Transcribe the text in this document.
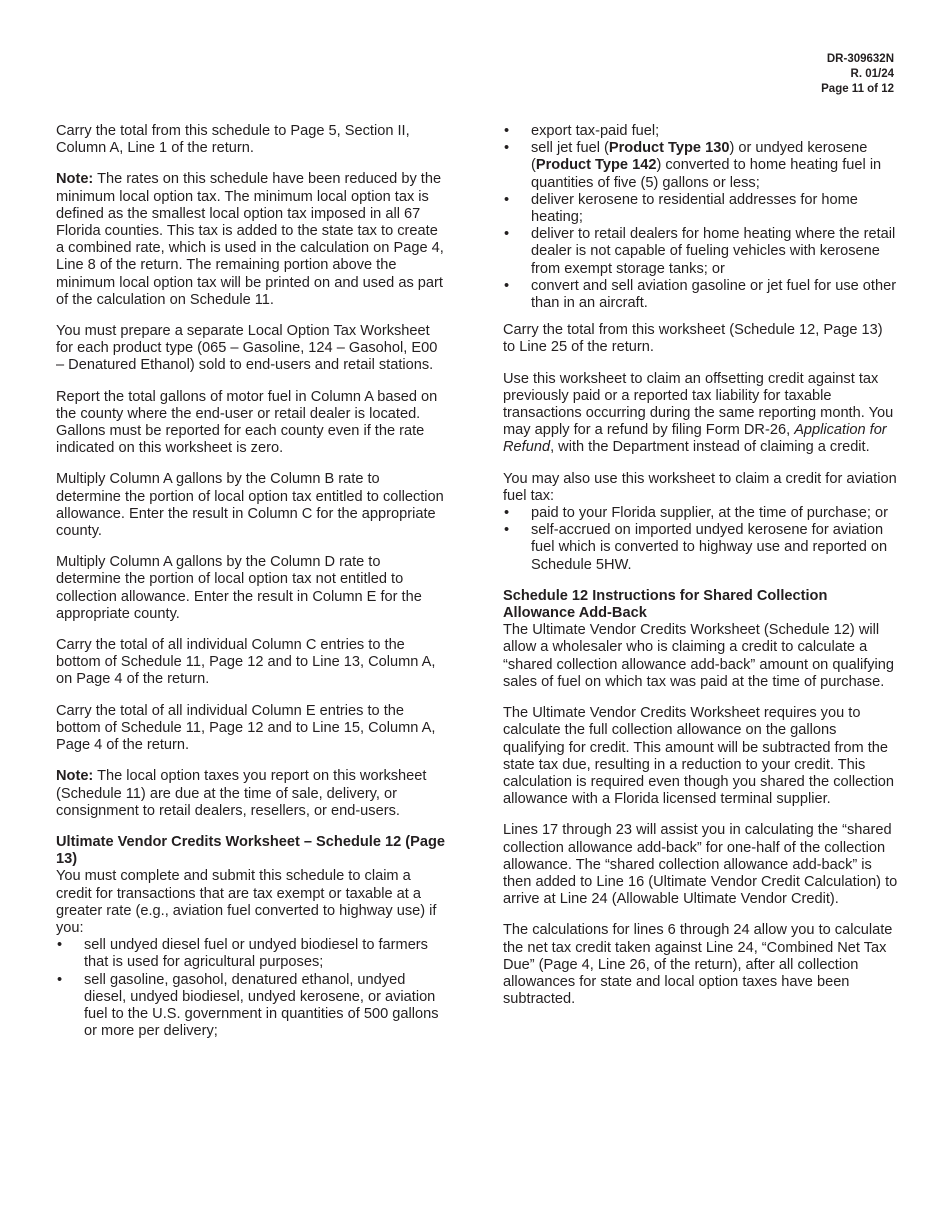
DR-309632N
R. 01/24
Page 11 of 12

Carry the total from this schedule to Page 5, Section II, Column A, Line 1 of the return.

Note: The rates on this schedule have been reduced by the minimum local option tax. The minimum local option tax is defined as the smallest local option tax imposed in all 67 Florida counties. This tax is added to the state tax to create a combined rate, which is used in the calculation on Page 4, Line 8 of the return. The remaining portion above the minimum local option tax will be printed on and used as part of the calculation on Schedule 11.

You must prepare a separate Local Option Tax Worksheet for each product type (065 – Gasoline, 124 – Gasohol, E00 – Denatured Ethanol) sold to end-users and retail stations.

Report the total gallons of motor fuel in Column A based on the county where the end-user or retail dealer is located. Gallons must be reported for each county even if the rate indicated on this worksheet is zero.

Multiply Column A gallons by the Column B rate to determine the portion of local option tax entitled to collection allowance. Enter the result in Column C for the appropriate county.

Multiply Column A gallons by the Column D rate to determine the portion of local option tax not entitled to collection allowance. Enter the result in Column E for the appropriate county.

Carry the total of all individual Column C entries to the bottom of Schedule 11, Page 12 and to Line 13, Column A, on Page 4 of the return.

Carry the total of all individual Column E entries to the bottom of Schedule 11, Page 12 and to Line 15, Column A, Page 4 of the return.

Note: The local option taxes you report on this worksheet (Schedule 11) are due at the time of sale, delivery, or consignment to retail dealers, resellers, or end-users.

Ultimate Vendor Credits Worksheet – Schedule 12 (Page 13)

You must complete and submit this schedule to claim a credit for transactions that are tax exempt or taxable at a greater rate (e.g., aviation fuel converted to highway use) if you:

• sell undyed diesel fuel or undyed biodiesel to farmers that is used for agricultural purposes;
• sell gasoline, gasohol, denatured ethanol, undyed diesel, undyed biodiesel, undyed kerosene, or aviation fuel to the U.S. government in quantities of 500 gallons or more per delivery;
• export tax-paid fuel;
• sell jet fuel (Product Type 130) or undyed kerosene (Product Type 142) converted to home heating fuel in quantities of five (5) gallons or less;
• deliver kerosene to residential addresses for home heating;
• deliver to retail dealers for home heating where the retail dealer is not capable of fueling vehicles with kerosene from exempt storage tanks; or
• convert and sell aviation gasoline or jet fuel for use other than in an aircraft.

Carry the total from this worksheet (Schedule 12, Page 13) to Line 25 of the return.

Use this worksheet to claim an offsetting credit against tax previously paid or a reported tax liability for taxable transactions occurring during the same reporting month. You may apply for a refund by filing Form DR-26, Application for Refund, with the Department instead of claiming a credit.

You may also use this worksheet to claim a credit for aviation fuel tax:

• paid to your Florida supplier, at the time of purchase; or
• self-accrued on imported undyed kerosene for aviation fuel which is converted to highway use and reported on Schedule 5HW.
Schedule 12 Instructions for Shared Collection Allowance Add-Back

The Ultimate Vendor Credits Worksheet (Schedule 12) will allow a wholesaler who is claiming a credit to calculate a “shared collection allowance add-back” amount on qualifying sales of fuel on which tax was paid at the time of purchase.

The Ultimate Vendor Credits Worksheet requires you to calculate the full collection allowance on the gallons qualifying for credit. This amount will be subtracted from the state tax due, resulting in a reduction to your credit. This calculation is required even though you shared the collection allowance with a Florida licensed terminal supplier.

Lines 17 through 23 will assist you in calculating the “shared collection allowance add-back” for one-half of the collection allowance. The “shared collection allowance add-back” is then added to Line 16 (Ultimate Vendor Credit Calculation) to arrive at Line 24 (Allowable Ultimate Vendor Credit).

The calculations for lines 6 through 24 allow you to calculate the net tax credit taken against Line 24, “Combined Net Tax Due” (Page 4, Line 26, of the return), after all collection allowances for state and local option taxes have been subtracted.
